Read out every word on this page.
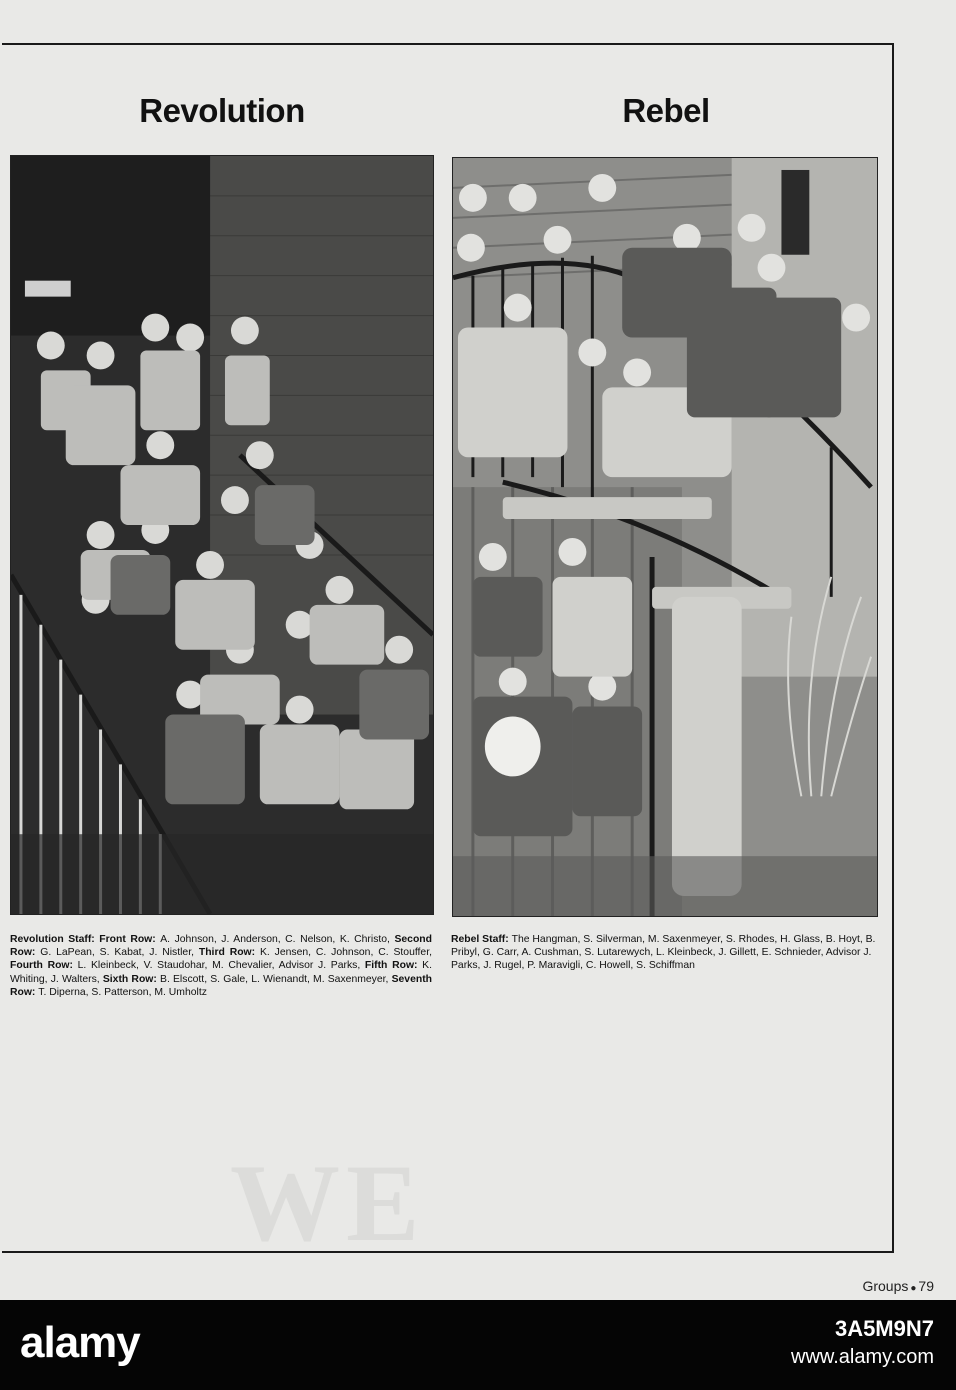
WE
Revolution	Rebel

Revolution Staff: Front Row: A. Johnson, J. Anderson, C. Nelson, K. Christo, Second Row: G. LaPean, S. Kabat, J. Nistler, Third Row: K. Jensen, C. Johnson, C. Stouffer, Fourth Row: L. Kleinbeck, V. Staudohar, M. Chevalier, Advisor J. Parks, Fifth Row: K. Whiting, J. Walters, Sixth Row: B. Elscott, S. Gale, L. Wienandt, M. Saxenmeyer, Seventh Row: T. Diperna, S. Patterson, M. Umholtz

Rebel Staff: The Hangman, S. Silverman, M. Saxenmeyer, S. Rhodes, H. Glass, B. Hoyt, B. Pribyl, G. Carr, A. Cushman, S. Lutarewych, L. Kleinbeck, J. Gillett, E. Schnieder, Advisor J. Parks, J. Rugel, P. Maravigli, C. Howell, S. Schiffman

Groups ● 79
alamy	3A5M9N7
www.alamy.com
